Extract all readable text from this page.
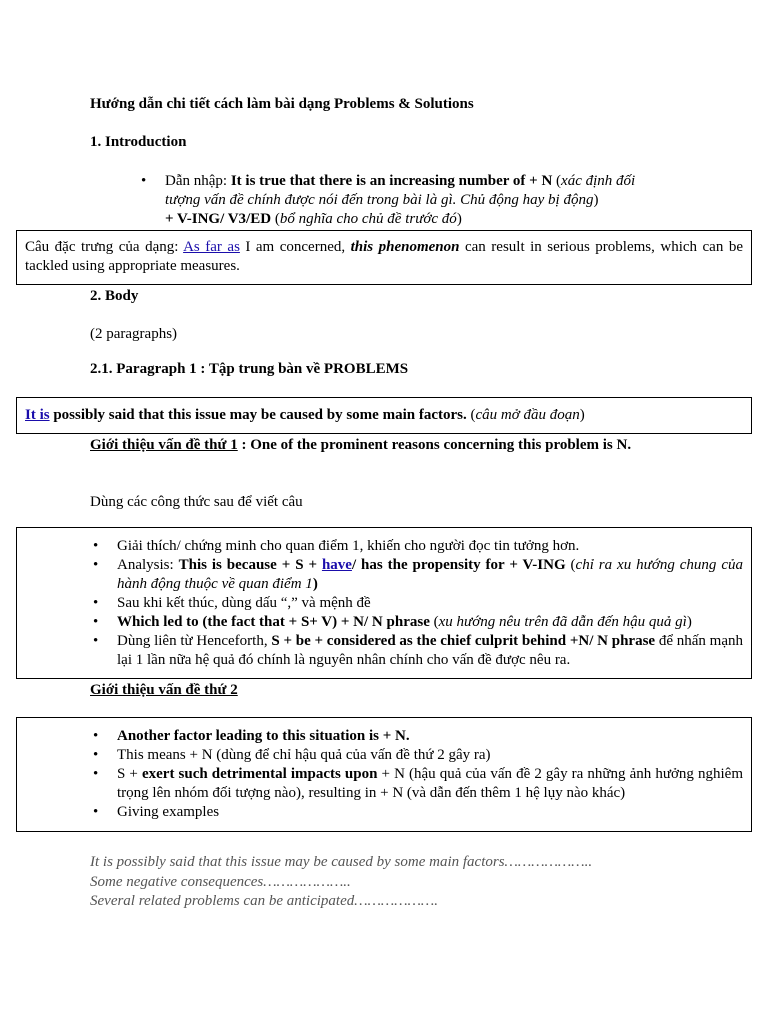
Hướng dẫn chi tiết cách làm bài dạng Problems & Solutions
1. Introduction
• Dẫn nhập: It is true that there is an increasing number of + N (xác định đối tượng vấn đề chính được nói đến trong bài là gì. Chủ động hay bị động)
+ V-ING/ V3/ED (bổ nghĩa cho chủ đề trước đó)
Câu đặc trưng của dạng: As far as I am concerned, this phenomenon can result in serious problems, which can be tackled using appropriate measures.
2. Body
(2 paragraphs)
2.1. Paragraph 1 : Tập trung bàn về PROBLEMS
It is possibly said that this issue may be caused by some main factors. (câu mở đầu đoạn)
Giới thiệu vấn đề thứ 1 : One of the prominent reasons concerning this problem is N.
Dùng các công thức sau để viết câu
• Giải thích/ chứng minh cho quan điểm 1, khiến cho người đọc tin tưởng hơn.
• Analysis: This is because + S + have/ has the propensity for + V-ING (chỉ ra xu hướng chung của hành động thuộc về quan điểm 1)
• Sau khi kết thúc, dùng dấu “,” và mệnh đề
• Which led to (the fact that + S+ V) + N/ N phrase (xu hướng nêu trên đã dẫn đến hậu quả gì)
• Dùng liên từ Henceforth, S + be + considered as the chief culprit behind +N/ N phrase để nhấn mạnh lại 1 lần nữa hệ quả đó chính là nguyên nhân chính cho vấn đề được nêu ra.
Giới thiệu vấn đề thứ 2
• Another factor leading to this situation is + N.
• This means + N (dùng để chỉ hậu quả của vấn đề thứ 2 gây ra)
• S + exert such detrimental impacts upon + N (hậu quả của vấn đề 2 gây ra những ảnh hưởng nghiêm trọng lên nhóm đối tượng nào), resulting in + N (và dẫn đến thêm 1 hệ lụy nào khác)
• Giving examples
It is possibly said that this issue may be caused by some main factors………………..
Some negative consequences………………..
Several related problems can be anticipated……………….
